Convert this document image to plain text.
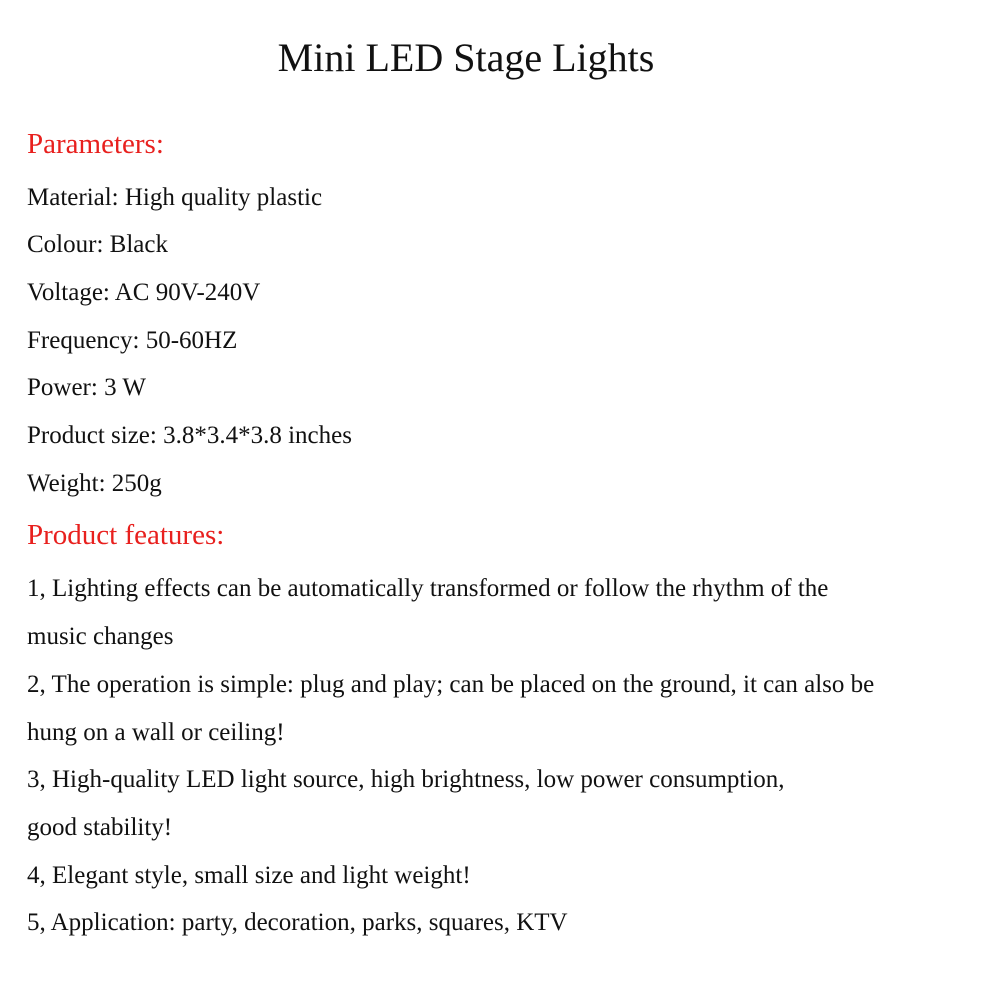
Mini LED Stage Lights
Parameters:
Material: High quality plastic
Colour: Black
Voltage: AC 90V-240V
Frequency: 50-60HZ
Power: 3 W
Product size: 3.8*3.4*3.8 inches
Weight: 250g
Product features:
1, Lighting effects can be automatically transformed or follow the rhythm of the
music changes
2, The operation is simple: plug and play; can be placed on the ground, it can also be
hung on a wall or ceiling!
3, High-quality LED light source, high brightness, low power consumption,
good stability!
4, Elegant style, small size and light weight!
5, Application: party, decoration, parks, squares, KTV
